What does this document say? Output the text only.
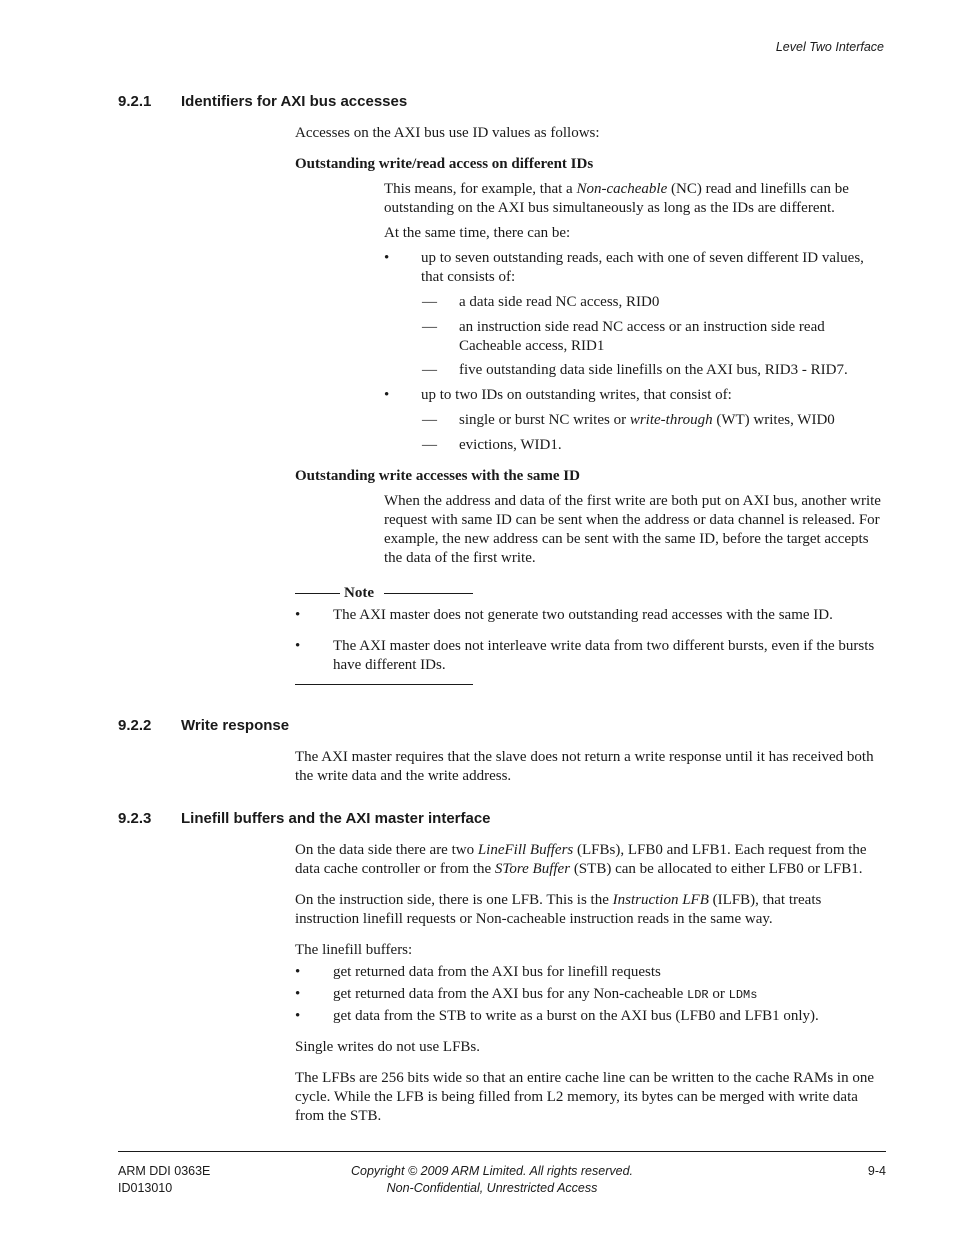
Level Two Interface
9.2.1 Identifiers for AXI bus accesses
Accesses on the AXI bus use ID values as follows:
Outstanding write/read access on different IDs
This means, for example, that a Non-cacheable (NC) read and linefills can be outstanding on the AXI bus simultaneously as long as the IDs are different.
At the same time, there can be:
• up to seven outstanding reads, each with one of seven different ID values, that consists of:
— a data side read NC access, RID0
— an instruction side read NC access or an instruction side read Cacheable access, RID1
— five outstanding data side linefills on the AXI bus, RID3 - RID7.
• up to two IDs on outstanding writes, that consist of:
— single or burst NC writes or write-through (WT) writes, WID0
— evictions, WID1.
Outstanding write accesses with the same ID
When the address and data of the first write are both put on AXI bus, another write request with same ID can be sent when the address or data channel is released. For example, the new address can be sent with the same ID, before the target accepts the data of the first write.
Note
• The AXI master does not generate two outstanding read accesses with the same ID.
• The AXI master does not interleave write data from two different bursts, even if the bursts have different IDs.
9.2.2 Write response
The AXI master requires that the slave does not return a write response until it has received both the write data and the write address.
9.2.3 Linefill buffers and the AXI master interface
On the data side there are two LineFill Buffers (LFBs), LFB0 and LFB1. Each request from the data cache controller or from the STore Buffer (STB) can be allocated to either LFB0 or LFB1.
On the instruction side, there is one LFB. This is the Instruction LFB (ILFB), that treats instruction linefill requests or Non-cacheable instruction reads in the same way.
The linefill buffers:
• get returned data from the AXI bus for linefill requests
• get returned data from the AXI bus for any Non-cacheable LDR or LDMs
• get data from the STB to write as a burst on the AXI bus (LFB0 and LFB1 only).
Single writes do not use LFBs.
The LFBs are 256 bits wide so that an entire cache line can be written to the cache RAMs in one cycle. While the LFB is being filled from L2 memory, its bytes can be merged with write data from the STB.
ARM DDI 0363E
ID013010
Copyright © 2009 ARM Limited. All rights reserved.
Non-Confidential, Unrestricted Access
9-4
